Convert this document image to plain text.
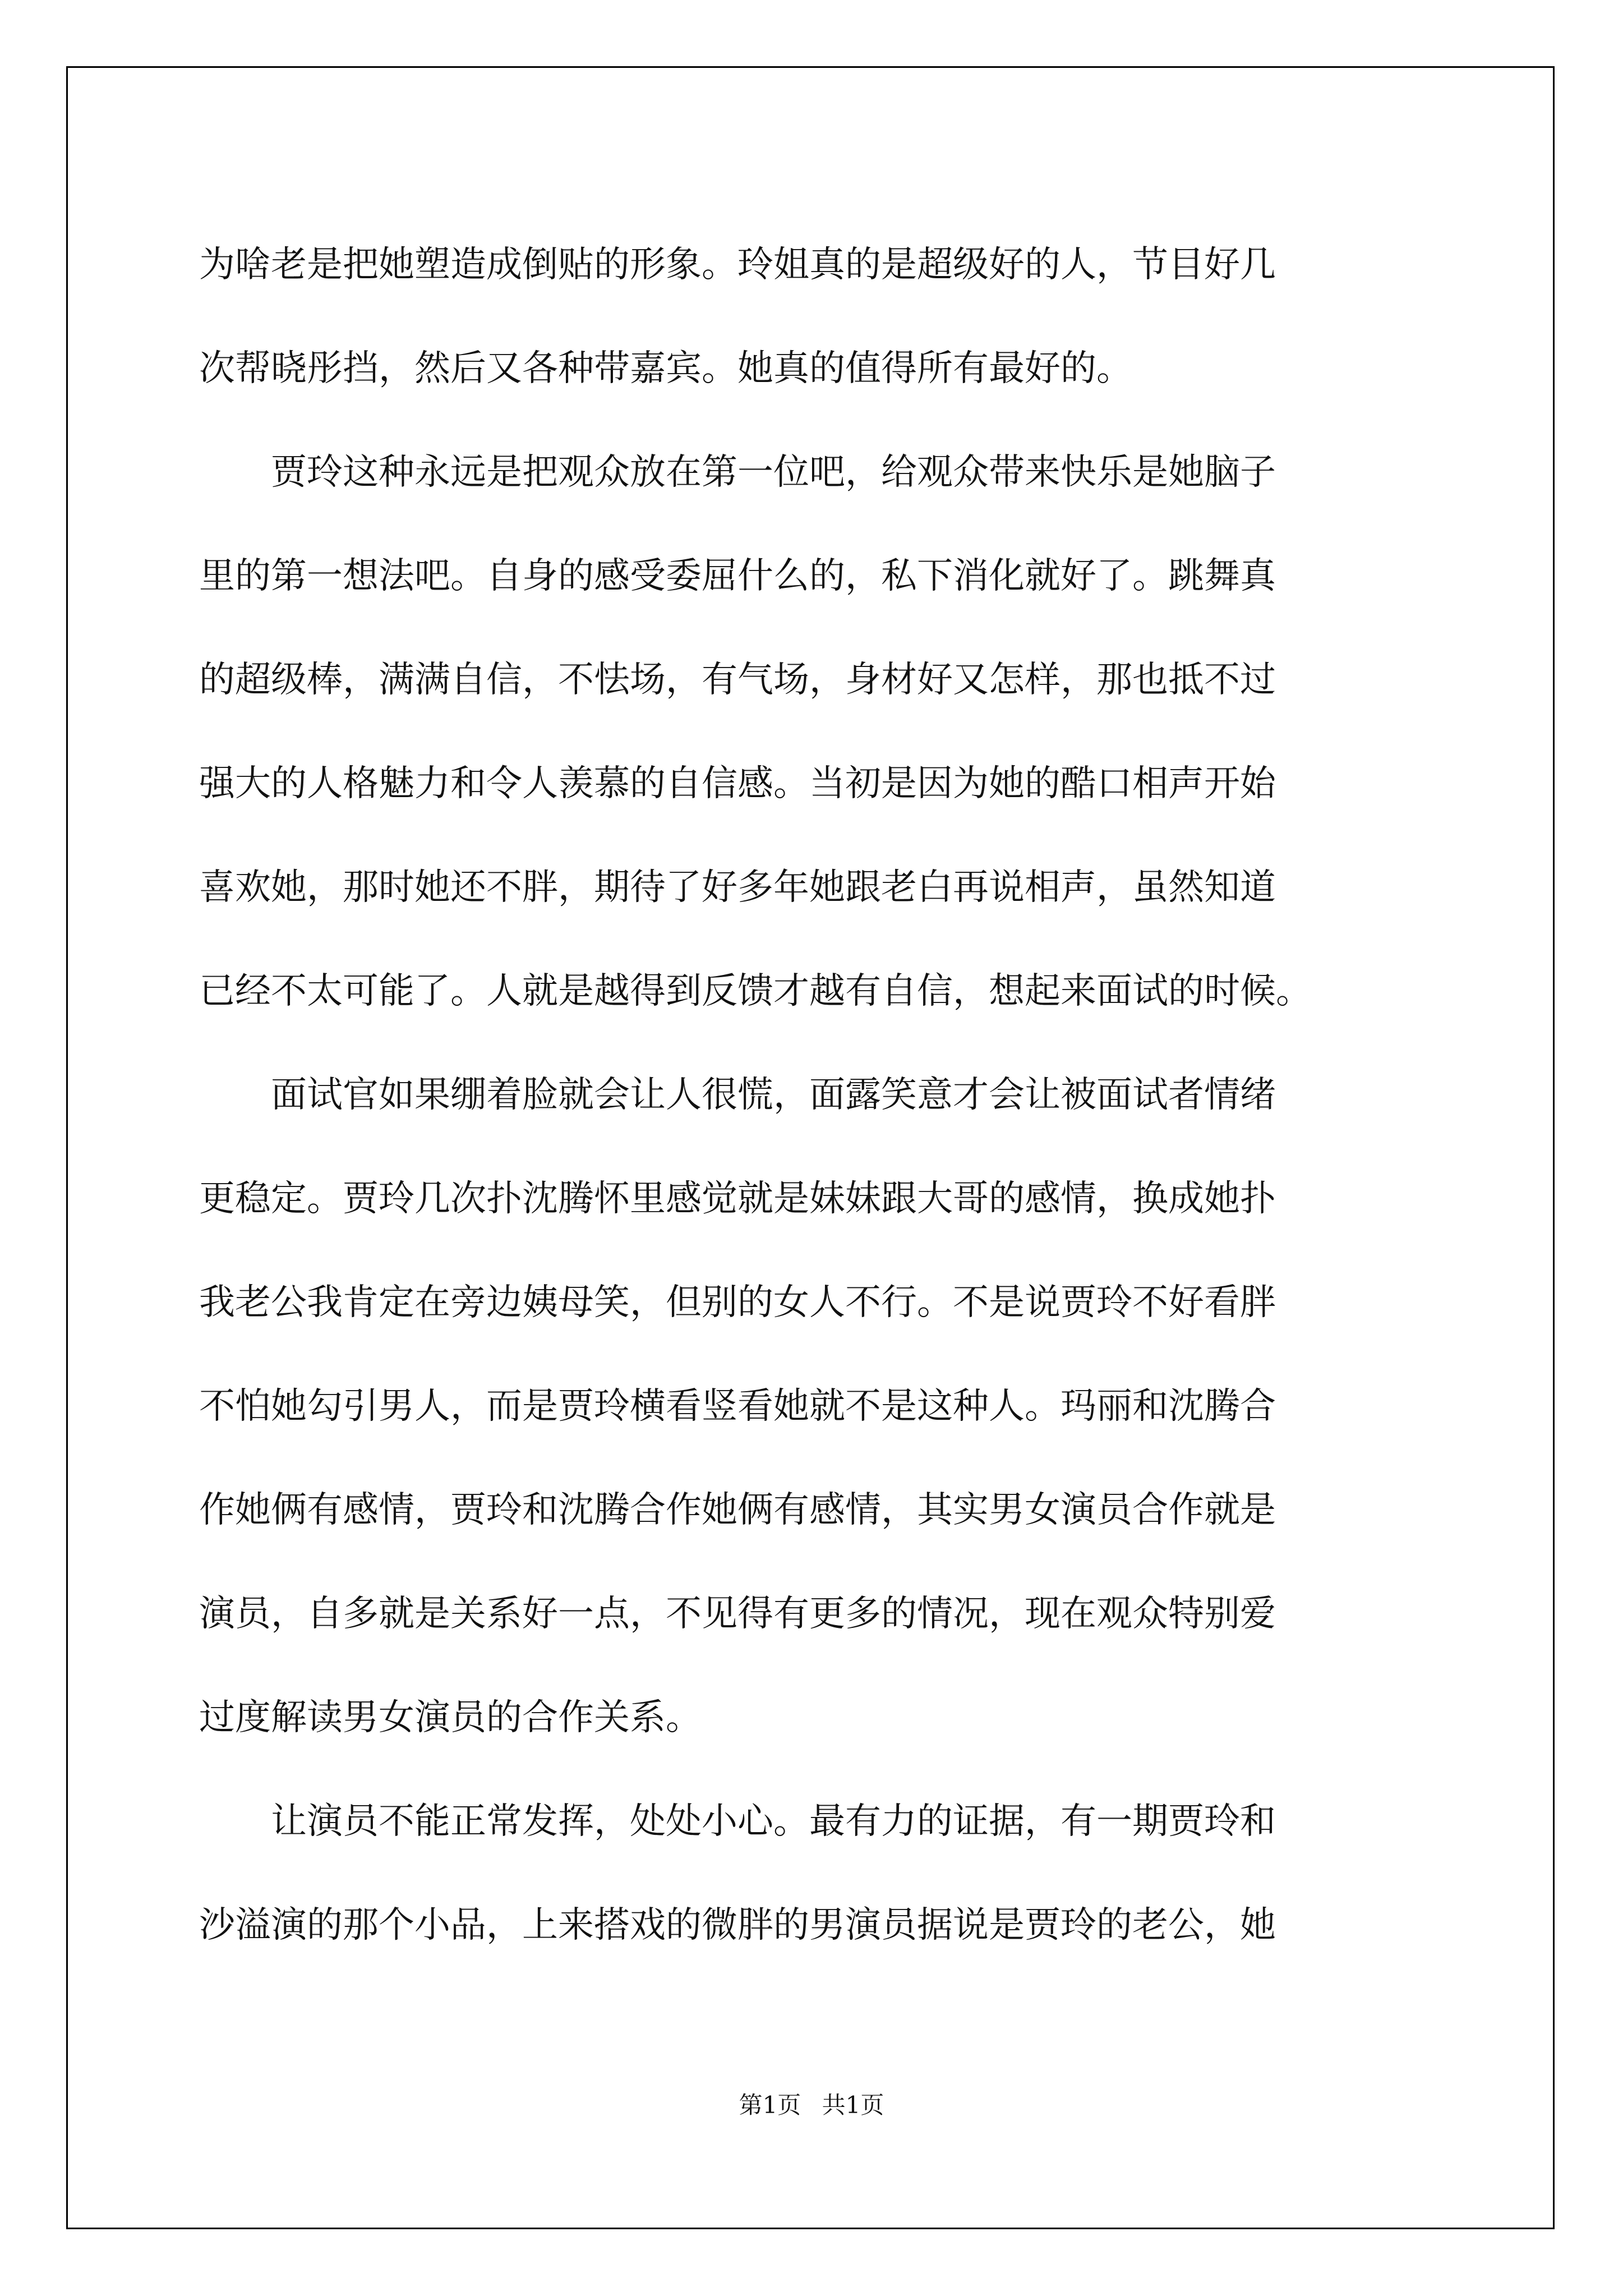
为啥老是把她塑造成倒贴的形象。玲姐真的是超级好的人，节目好几
次帮晓彤挡，然后又各种带嘉宾。她真的值得所有最好的。
　　贾玲这种永远是把观众放在第一位吧，给观众带来快乐是她脑子
里的第一想法吧。自身的感受委屈什么的，私下消化就好了。跳舞真
的超级棒，满满自信，不怯场，有气场，身材好又怎样，那也抵不过
强大的人格魅力和令人羡慕的自信感。当初是因为她的酷口相声开始
喜欢她，那时她还不胖，期待了好多年她跟老白再说相声，虽然知道
已经不太可能了。人就是越得到反馈才越有自信，想起来面试的时候。
　　面试官如果绷着脸就会让人很慌，面露笑意才会让被面试者情绪
更稳定。贾玲几次扑沈腾怀里感觉就是妹妹跟大哥的感情，换成她扑
我老公我肯定在旁边姨母笑，但别的女人不行。不是说贾玲不好看胖
不怕她勾引男人，而是贾玲横看竖看她就不是这种人。玛丽和沈腾合
作她俩有感情，贾玲和沈腾合作她俩有感情，其实男女演员合作就是
演员，自多就是关系好一点，不见得有更多的情况，现在观众特别爱
过度解读男女演员的合作关系。
　　让演员不能正常发挥，处处小心。最有力的证据，有一期贾玲和
沙溢演的那个小品，上来搭戏的微胖的男演员据说是贾玲的老公，她
第1页 共1页
